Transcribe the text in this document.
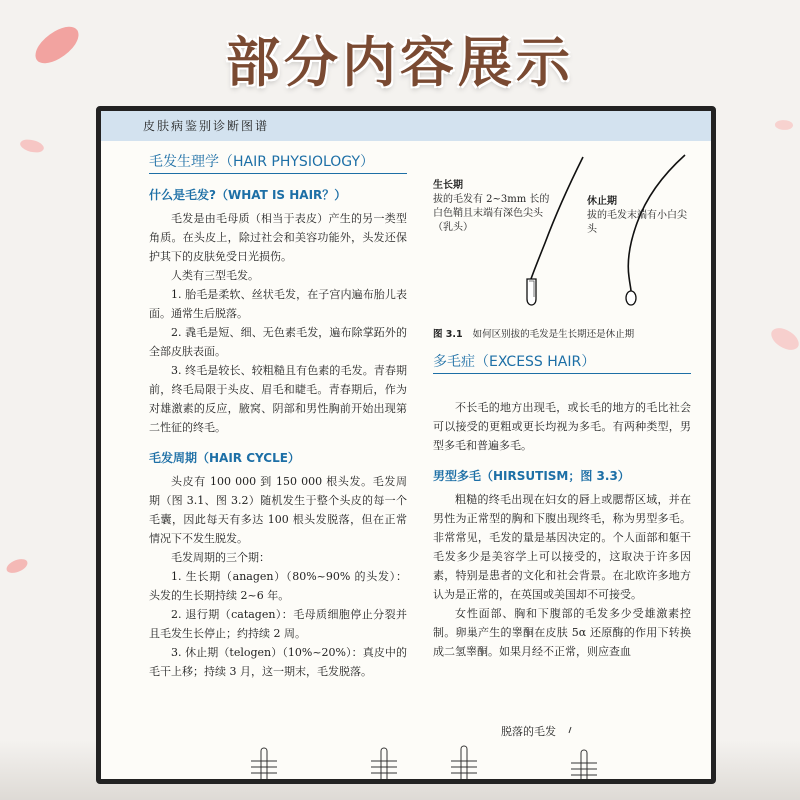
部分内容展示
皮肤病鉴别诊断图谱
毛发生理学（HAIR PHYSIOLOGY）
什么是毛发?（WHAT IS HAIR？）

毛发是由毛母质（相当于表皮）产生的另一类型角质。在头皮上，除过社会和美容功能外，头发还保护其下的皮肤免受日光损伤。

人类有三型毛发。

1. 胎毛是柔软、丝状毛发，在子宫内遍布胎儿表面。通常生后脱落。

2. 毳毛是短、细、无色素毛发，遍布除掌跖外的全部皮肤表面。

3. 终毛是较长、较粗糙且有色素的毛发。青春期前，终毛局限于头皮、眉毛和睫毛。青春期后，作为对雄激素的反应，腋窝、阴部和男性胸前开始出现第二性征的终毛。

毛发周期（HAIR CYCLE）

头皮有 100 000 到 150 000 根头发。毛发周期（图 3.1、图 3.2）随机发生于整个头皮的每一个毛囊，因此每天有多达 100 根头发脱落，但在正常情况下不发生脱发。

毛发周期的三个期：

1. 生长期（anagen）（80%~90% 的头发）：头发的生长期持续 2~6 年。

2. 退行期（catagen）：毛母质细胞停止分裂并且毛发生长停止；约持续 2 周。

3. 休止期（telogen）（10%~20%）：真皮中的毛干上移；持续 3 月，这一期末，毛发脱落。

生长期
拔的毛发有 2~3mm 长的白色鞘且末端有深色尖头（乳头）
休止期
拔的毛发末端有小白尖头
图 3.1 如何区别拔的毛发是生长期还是休止期
多毛症（EXCESS HAIR）

不长毛的地方出现毛，或长毛的地方的毛比社会可以接受的更粗或更长均视为多毛。有两种类型，男型多毛和普遍多毛。

男型多毛（HIRSUTISM；图 3.3）

粗糙的终毛出现在妇女的唇上或腮帮区域，并在男性为正常型的胸和下腹出现终毛，称为男型多毛。非常常见，毛发的量是基因决定的。个人面部和躯干毛发多少是美容学上可以接受的，这取决于许多因素，特别是患者的文化和社会背景。在北欧许多地方认为是正常的，在英国或美国却不可接受。

女性面部、胸和下腹部的毛发多少受雄激素控制。卵巢产生的睾酮在皮肤 5α 还原酶的作用下转换成二氢睾酮。如果月经不正常，则应查血

脱落的毛发
